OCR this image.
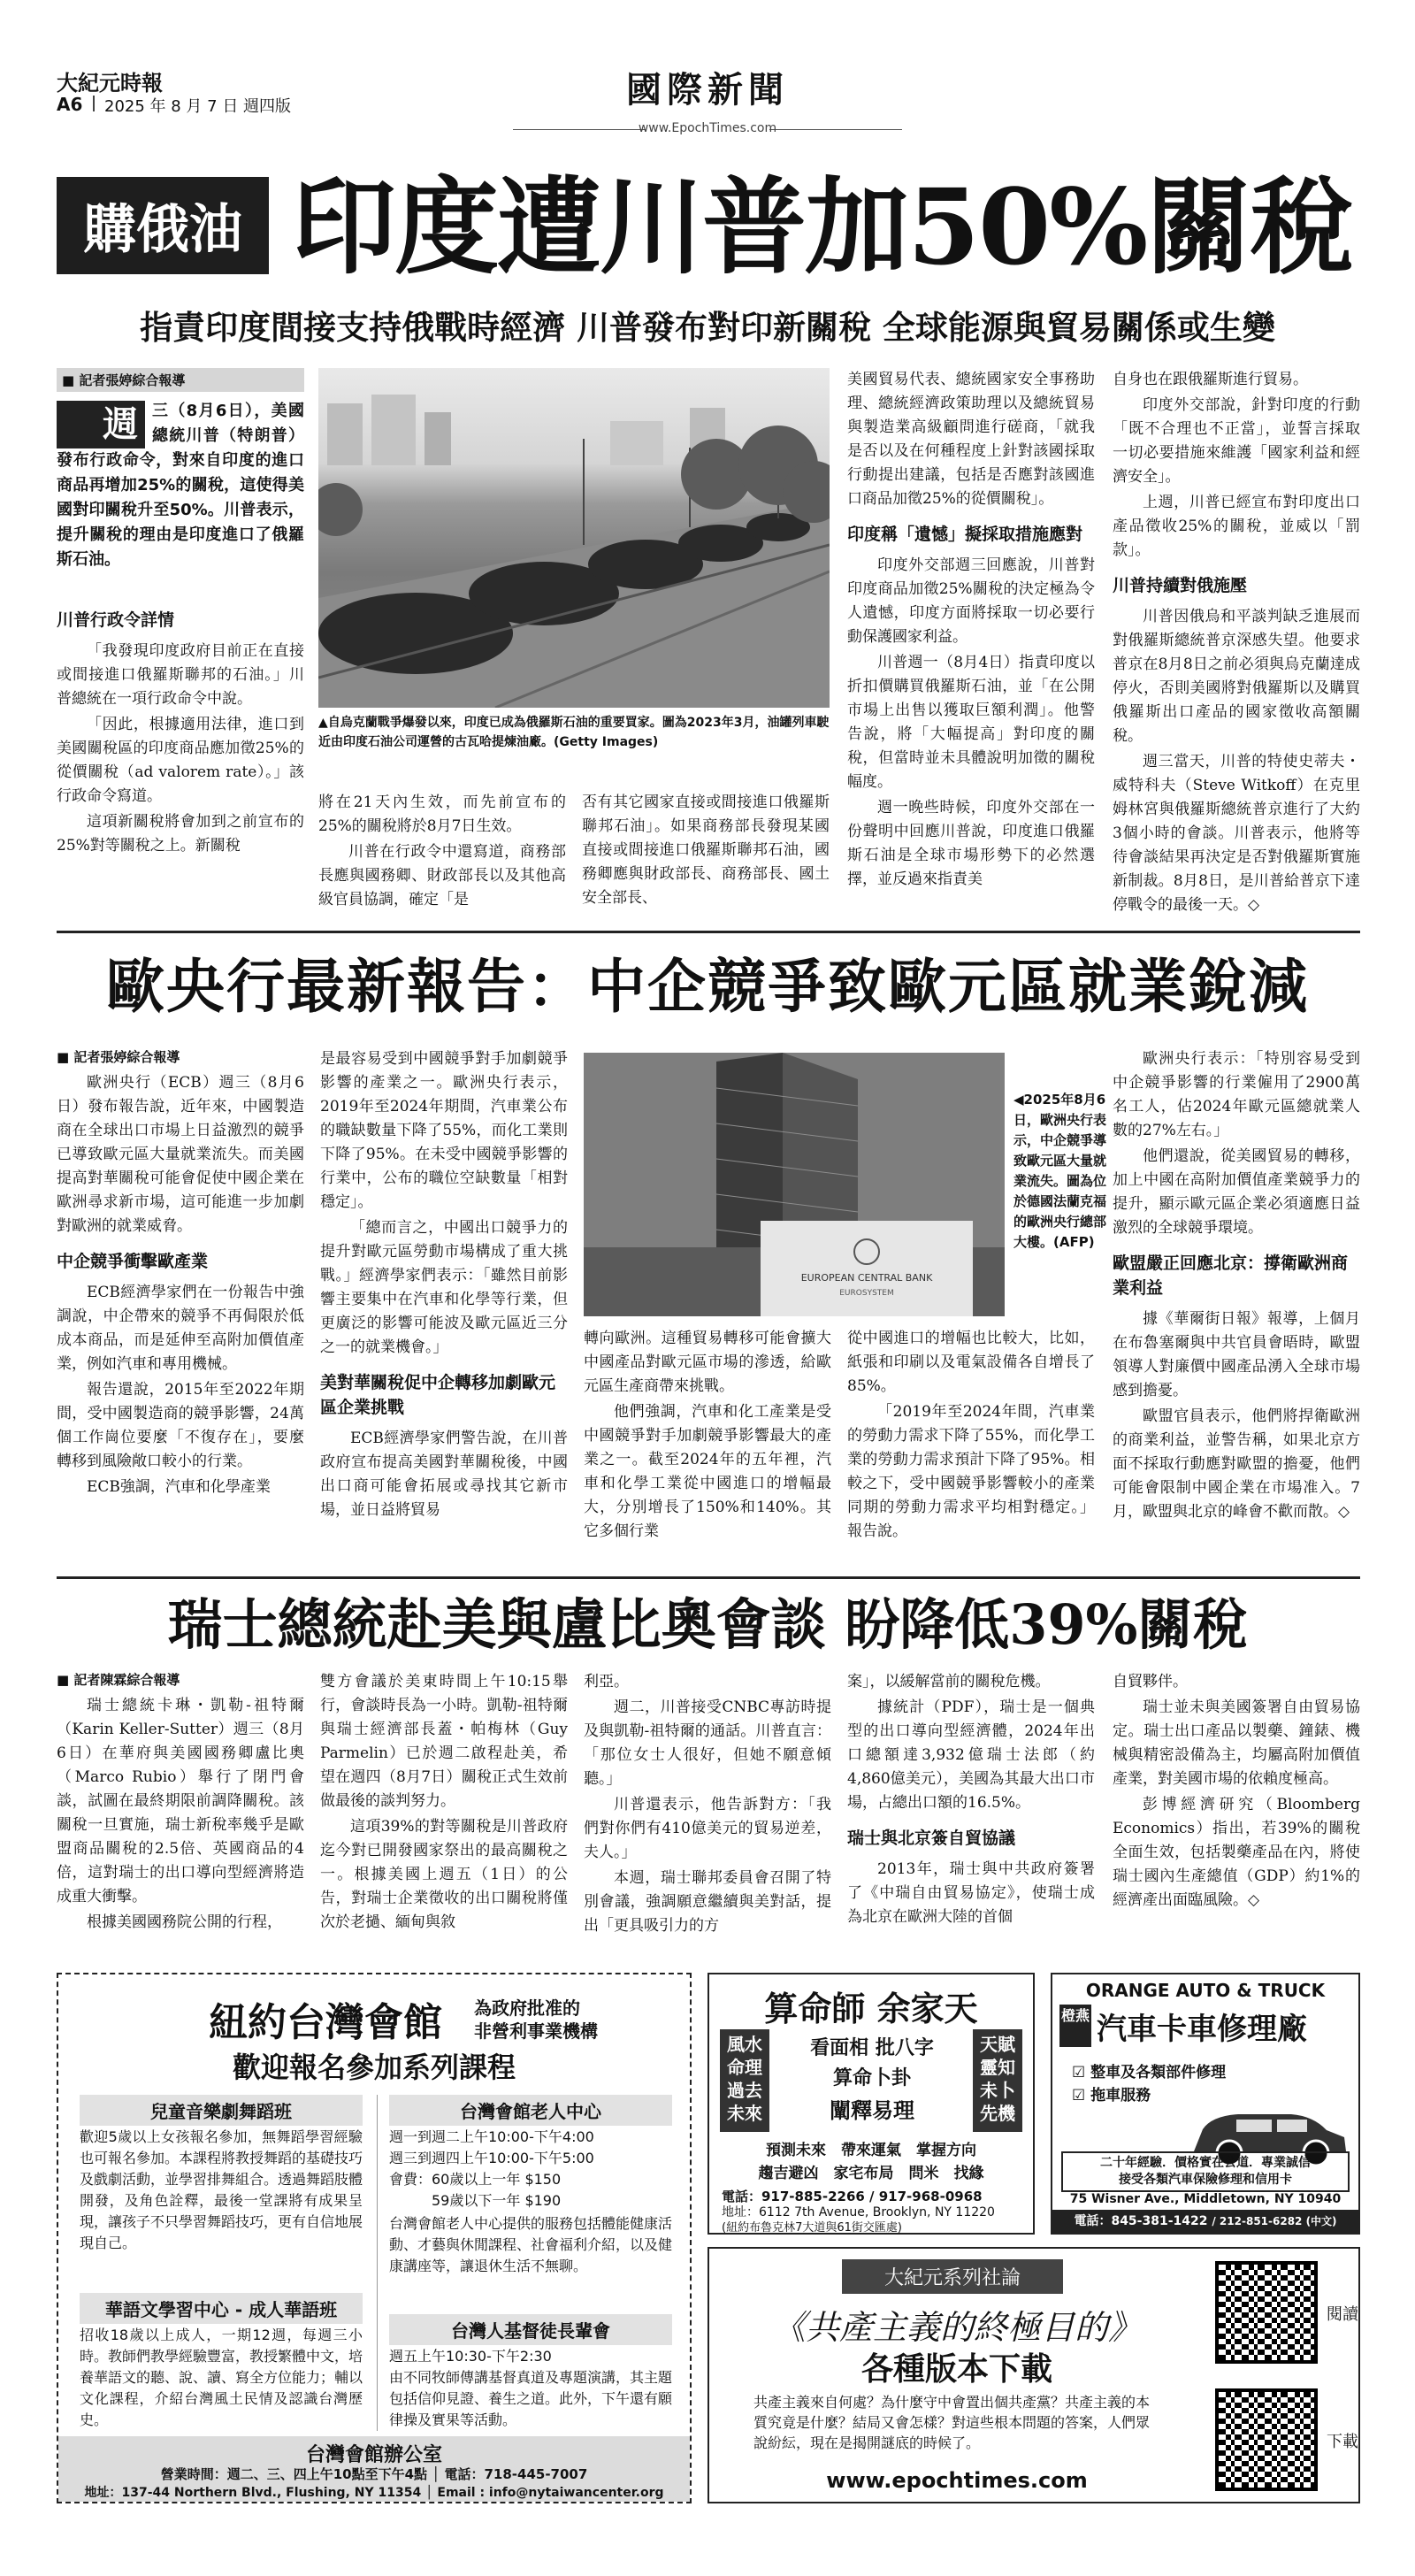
大紀元時報
A6 2025 年 8 月 7 日 週四版	國際新聞
www.EpochTimes.com
購俄油 印度遭川普加50%關稅
指責印度間接支持俄戰時經濟 川普發布對印新關稅 全球能源與貿易關係或生變
■ 記者張婷綜合報導
週 三（8月6日），美國總統川普（特朗普）發布行政命令，對來自印度的進口商品再增加25%的關稅，這使得美國對印關稅升至50%。川普表示，提升關稅的理由是印度進口了俄羅斯石油。
川普行政令詳情

「我發現印度政府目前正在直接或間接進口俄羅斯聯邦的石油。」川普總統在一項行政命令中說。

「因此，根據適用法律，進口到美國關稅區的印度商品應加徵25%的從價關稅（ad valorem rate）。」該行政命令寫道。

這項新關稅將會加到之前宣布的25%對等關稅之上。新關稅

▲自烏克蘭戰爭爆發以來，印度已成為俄羅斯石油的重要買家。圖為2023年3月，油罐列車駛近由印度石油公司運營的古瓦哈提煉油廠。(Getty Images)

將在21天內生效，而先前宣布的25%的關稅將於8月7日生效。

川普在行政令中還寫道，商務部長應與國務卿、財政部長以及其他高級官員協調，確定「是

否有其它國家直接或間接進口俄羅斯聯邦石油」。如果商務部長發現某國直接或間接進口俄羅斯聯邦石油，國務卿應與財政部長、商務部長、國土安全部長、

美國貿易代表、總統國家安全事務助理、總統經濟政策助理以及總統貿易與製造業高級顧問進行磋商，「就我是否以及在何種程度上針對該國採取行動提出建議，包括是否應對該國進口商品加徵25%的從價關稅」。

印度稱「遺憾」擬採取措施應對

印度外交部週三回應說，川普對印度商品加徵25%關稅的決定極為令人遺憾，印度方面將採取一切必要行動保護國家利益。

川普週一（8月4日）指責印度以折扣價購買俄羅斯石油，並「在公開市場上出售以獲取巨額利潤」。他警告說，將「大幅提高」對印度的關稅，但當時並未具體說明加徵的關稅幅度。

週一晚些時候，印度外交部在一份聲明中回應川普說，印度進口俄羅斯石油是全球市場形勢下的必然選擇，並反過來指責美

自身也在跟俄羅斯進行貿易。

印度外交部說，針對印度的行動「既不合理也不正當」，並誓言採取一切必要措施來維護「國家利益和經濟安全」。

上週，川普已經宣布對印度出口產品徵收25%的關稅，並威以「罰款」。

川普持續對俄施壓

川普因俄烏和平談判缺乏進展而對俄羅斯總統普京深感失望。他要求普京在8月8日之前必須與烏克蘭達成停火，否則美國將對俄羅斯以及購買俄羅斯出口產品的國家徵收高額關稅。

週三當天，川普的特使史蒂夫・威特科夫（Steve Witkoff）在克里姆林宮與俄羅斯總統普京進行了大約3個小時的會談。川普表示，他將等待會談結果再決定是否對俄羅斯實施新制裁。8月8日，是川普給普京下達停戰令的最後一天。◇

歐央行最新報告：中企競爭致歐元區就業銳減
■ 記者張婷綜合報導

歐洲央行（ECB）週三（8月6日）發布報告說，近年來，中國製造商在全球出口市場上日益激烈的競爭已導致歐元區大量就業流失。而美國提高對華關稅可能會促使中國企業在歐洲尋求新市場，這可能進一步加劇對歐洲的就業威脅。

中企競爭衝擊歐產業

ECB經濟學家們在一份報告中強調說，中企帶來的競爭不再侷限於低成本商品，而是延伸至高附加價值產業，例如汽車和專用機械。

報告還說，2015年至2022年期間，受中國製造商的競爭影響，24萬個工作崗位要麼「不復存在」，要麼轉移到風險敞口較小的行業。

ECB強調，汽車和化學產業

是最容易受到中國競爭對手加劇競爭影響的產業之一。歐洲央行表示，2019年至2024年期間，汽車業公布的職缺數量下降了55%，而化工業則下降了95%。在未受中國競爭影響的行業中，公布的職位空缺數量「相對穩定」。

「總而言之，中國出口競爭力的提升對歐元區勞動市場構成了重大挑戰。」經濟學家們表示：「雖然目前影響主要集中在汽車和化學等行業，但更廣泛的影響可能波及歐元區近三分之一的就業機會。」

美對華關稅促中企轉移加劇歐元區企業挑戰

ECB經濟學家們警告說，在川普政府宣布提高美國對華關稅後，中國出口商可能會拓展或尋找其它新市場，並日益將貿易

EUROPEAN CENTRAL BANK
EUROSYSTEM
◀2025年8月6日，歐洲央行表示，中企競爭導致歐元區大量就業流失。圖為位於德國法蘭克福的歐洲央行總部大樓。(AFP)

轉向歐洲。這種貿易轉移可能會擴大中國產品對歐元區市場的滲透，給歐元區生產商帶來挑戰。

他們強調，汽車和化工產業是受中國競爭對手加劇競爭影響最大的產業之一。截至2024年的五年裡，汽車和化學工業從中國進口的增幅最大，分別增長了150%和140%。其它多個行業

從中國進口的增幅也比較大，比如，紙張和印刷以及電氣設備各自增長了85%。

「2019年至2024年間，汽車業的勞動力需求下降了55%，而化學工業的勞動力需求預計下降了95%。相較之下，受中國競爭影響較小的產業同期的勞動力需求平均相對穩定。」報告說。

歐洲央行表示：「特別容易受到中企競爭影響的行業僱用了2900萬名工人，佔2024年歐元區總就業人數的27%左右。」

他們還說，從美國貿易的轉移，加上中國在高附加價值產業競爭力的提升，顯示歐元區企業必須適應日益激烈的全球競爭環境。

歐盟嚴正回應北京：撐衛歐洲商業利益

據《華爾街日報》報導，上個月在布魯塞爾與中共官員會晤時，歐盟領導人對廉價中國產品湧入全球市場感到擔憂。

歐盟官員表示，他們將捍衛歐洲的商業利益，並警告稱，如果北京方面不採取行動應對歐盟的擔憂，他們可能會限制中國企業在市場准入。7月，歐盟與北京的峰會不歡而散。◇

瑞士總統赴美與盧比奧會談 盼降低39%關稅
■ 記者陳霖綜合報導

瑞士總統卡琳・凱勒-祖特爾（Karin Keller-Sutter）週三（8月6日）在華府與美國國務卿盧比奧（Marco Rubio）舉行了閉門會談，試圖在最終期限前調降關稅。該關稅一旦實施，瑞士新稅率幾乎是歐盟商品關稅的2.5倍、英國商品的4倍，這對瑞士的出口導向型經濟將造成重大衝擊。

根據美國國務院公開的行程，

雙方會議於美東時間上午10:15舉行，會談時長為一小時。凱勒-祖特爾與瑞士經濟部長蓋・帕梅林（Guy Parmelin）已於週二啟程赴美，希望在週四（8月7日）關稅正式生效前做最後的談判努力。

這項39%的對等關稅是川普政府迄今對已開發國家祭出的最高關稅之一。根據美國上週五（1日）的公告，對瑞士企業徵收的出口關稅將僅次於老撾、緬甸與敘

利亞。

週二，川普接受CNBC專訪時提及與凱勒-祖特爾的通話。川普直言：「那位女士人很好，但她不願意傾聽。」

川普還表示，他告訴對方：「我們對你們有410億美元的貿易逆差，夫人。」

本週，瑞士聯邦委員會召開了特別會議，強調願意繼續與美對話，提出「更具吸引力的方

案」，以緩解當前的關稅危機。

據統計（PDF），瑞士是一個典型的出口導向型經濟體，2024年出口總額達3,932億瑞士法郎（約4,860億美元），美國為其最大出口市場，占總出口額的16.5%。

瑞士與北京簽自貿協議

2013年，瑞士與中共政府簽署了《中瑞自由貿易協定》，使瑞士成為北京在歐洲大陸的首個

自貿夥伴。

瑞士並未與美國簽署自由貿易協定。瑞士出口產品以製藥、鐘錶、機械與精密設備為主，均屬高附加價值產業，對美國市場的依賴度極高。

彭博經濟研究（Bloomberg Economics）指出，若39%的關稅全面生效，包括製藥產品在內，將使瑞士國內生產總值（GDP）約1%的經濟產出面臨風險。◇

紐約台灣會館 為政府批准的
非營利事業機構
歡迎報名參加系列課程
兒童音樂劇舞蹈班
歡迎5歲以上女孩報名參加，無舞蹈學習經驗也可報名參加。本課程將教授舞蹈的基礎技巧及戲劇活動，並學習排舞組合。透過舞蹈肢體開發，及角色詮釋，最後一堂課將有成果呈現，讓孩子不只學習舞蹈技巧，更有自信地展現自己。
華語文學習中心 - 成人華語班
招收18歲以上成人，一期12週，每週三小時。教師們教學經驗豐富，教授繁體中文，培養華語文的聽、說、讀、寫全方位能力；輔以文化課程，介紹台灣風土民情及認識台灣歷史。
台灣會館老人中心
週一到週二上午10:00-下午4:00
週三到週四上午10:00-下午5:00
會費：60歲以上一年 $150
59歲以下一年 $190
台灣會館老人中心提供的服務包括體能健康活動、才藝與休閒課程、社會福利介紹，以及健康講座等，讓退休生活不無聊。
台灣人基督徒長輩會
週五上午10:30-下午2:30
由不同牧師傳講基督真道及專題演講，其主題包括信仰見證、養生之道。此外，下午還有願律操及實果等活動。
台灣會館辦公室
營業時間：週二、三、四上午10點至下午4點 │ 電話：718-445-7007
地址：137-44 Northern Blvd., Flushing, NY 11354 │ Email : info@nytaiwancenter.org
算命師 余家天
風水命理過去未來
天賦靈知未卜先機
看面相 批八字
算命卜卦
闡釋易理
預測未來　帶來運氣　掌握方向
趨吉避凶　家宅布局　問米　找緣
電話：917-885-2266 / 917-968-0968
地址：6112 7th Avenue, Brooklyn, NY 11220
(紐約布魯克林7大道與61街交匯處)
ORANGE AUTO & TRUCK
橙燕 汽車卡車修理廠
☑ 整車及各類部件修理
☑ 拖車服務
二十年經驗．價格實在公道．專業誠信
接受各類汽車保險修理和信用卡
電話：845-381-1422 / 212-851-6282 (中文)
75 Wisner Ave., Middletown, NY 10940
大紀元系列社論
《共產主義的終極目的》
各種版本下載
共產主義來自何處？為什麼守中會置出個共產黨？共產主義的本質究竟是什麼？結局又會怎樣？對這些根本問題的答案，人們眾說紛紜，現在是揭開謎底的時候了。
www.epochtimes.com
閱讀
下載
